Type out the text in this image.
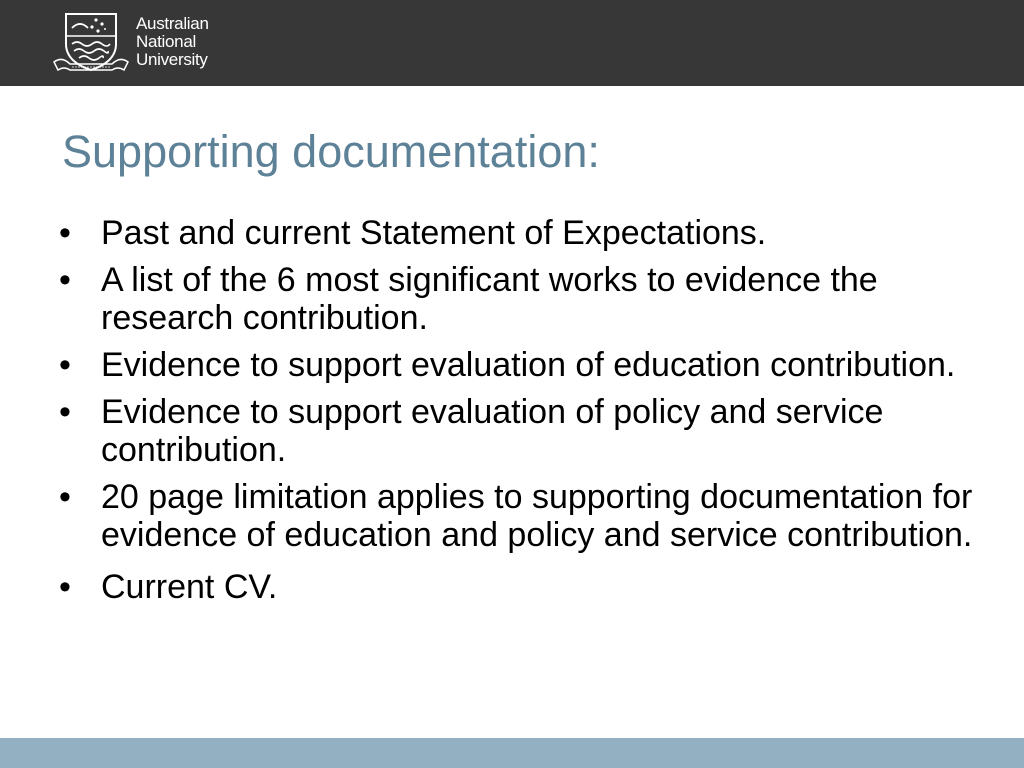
Australian
National
University
Supporting documentation:
• Past and current Statement of Expectations.
• A list of the 6 most significant works to evidence the research contribution.
• Evidence to support evaluation of education contribution.
• Evidence to support evaluation of policy and service contribution.
• 20 page limitation applies to supporting documentation for evidence of education and policy and service contribution.
• Current CV.
